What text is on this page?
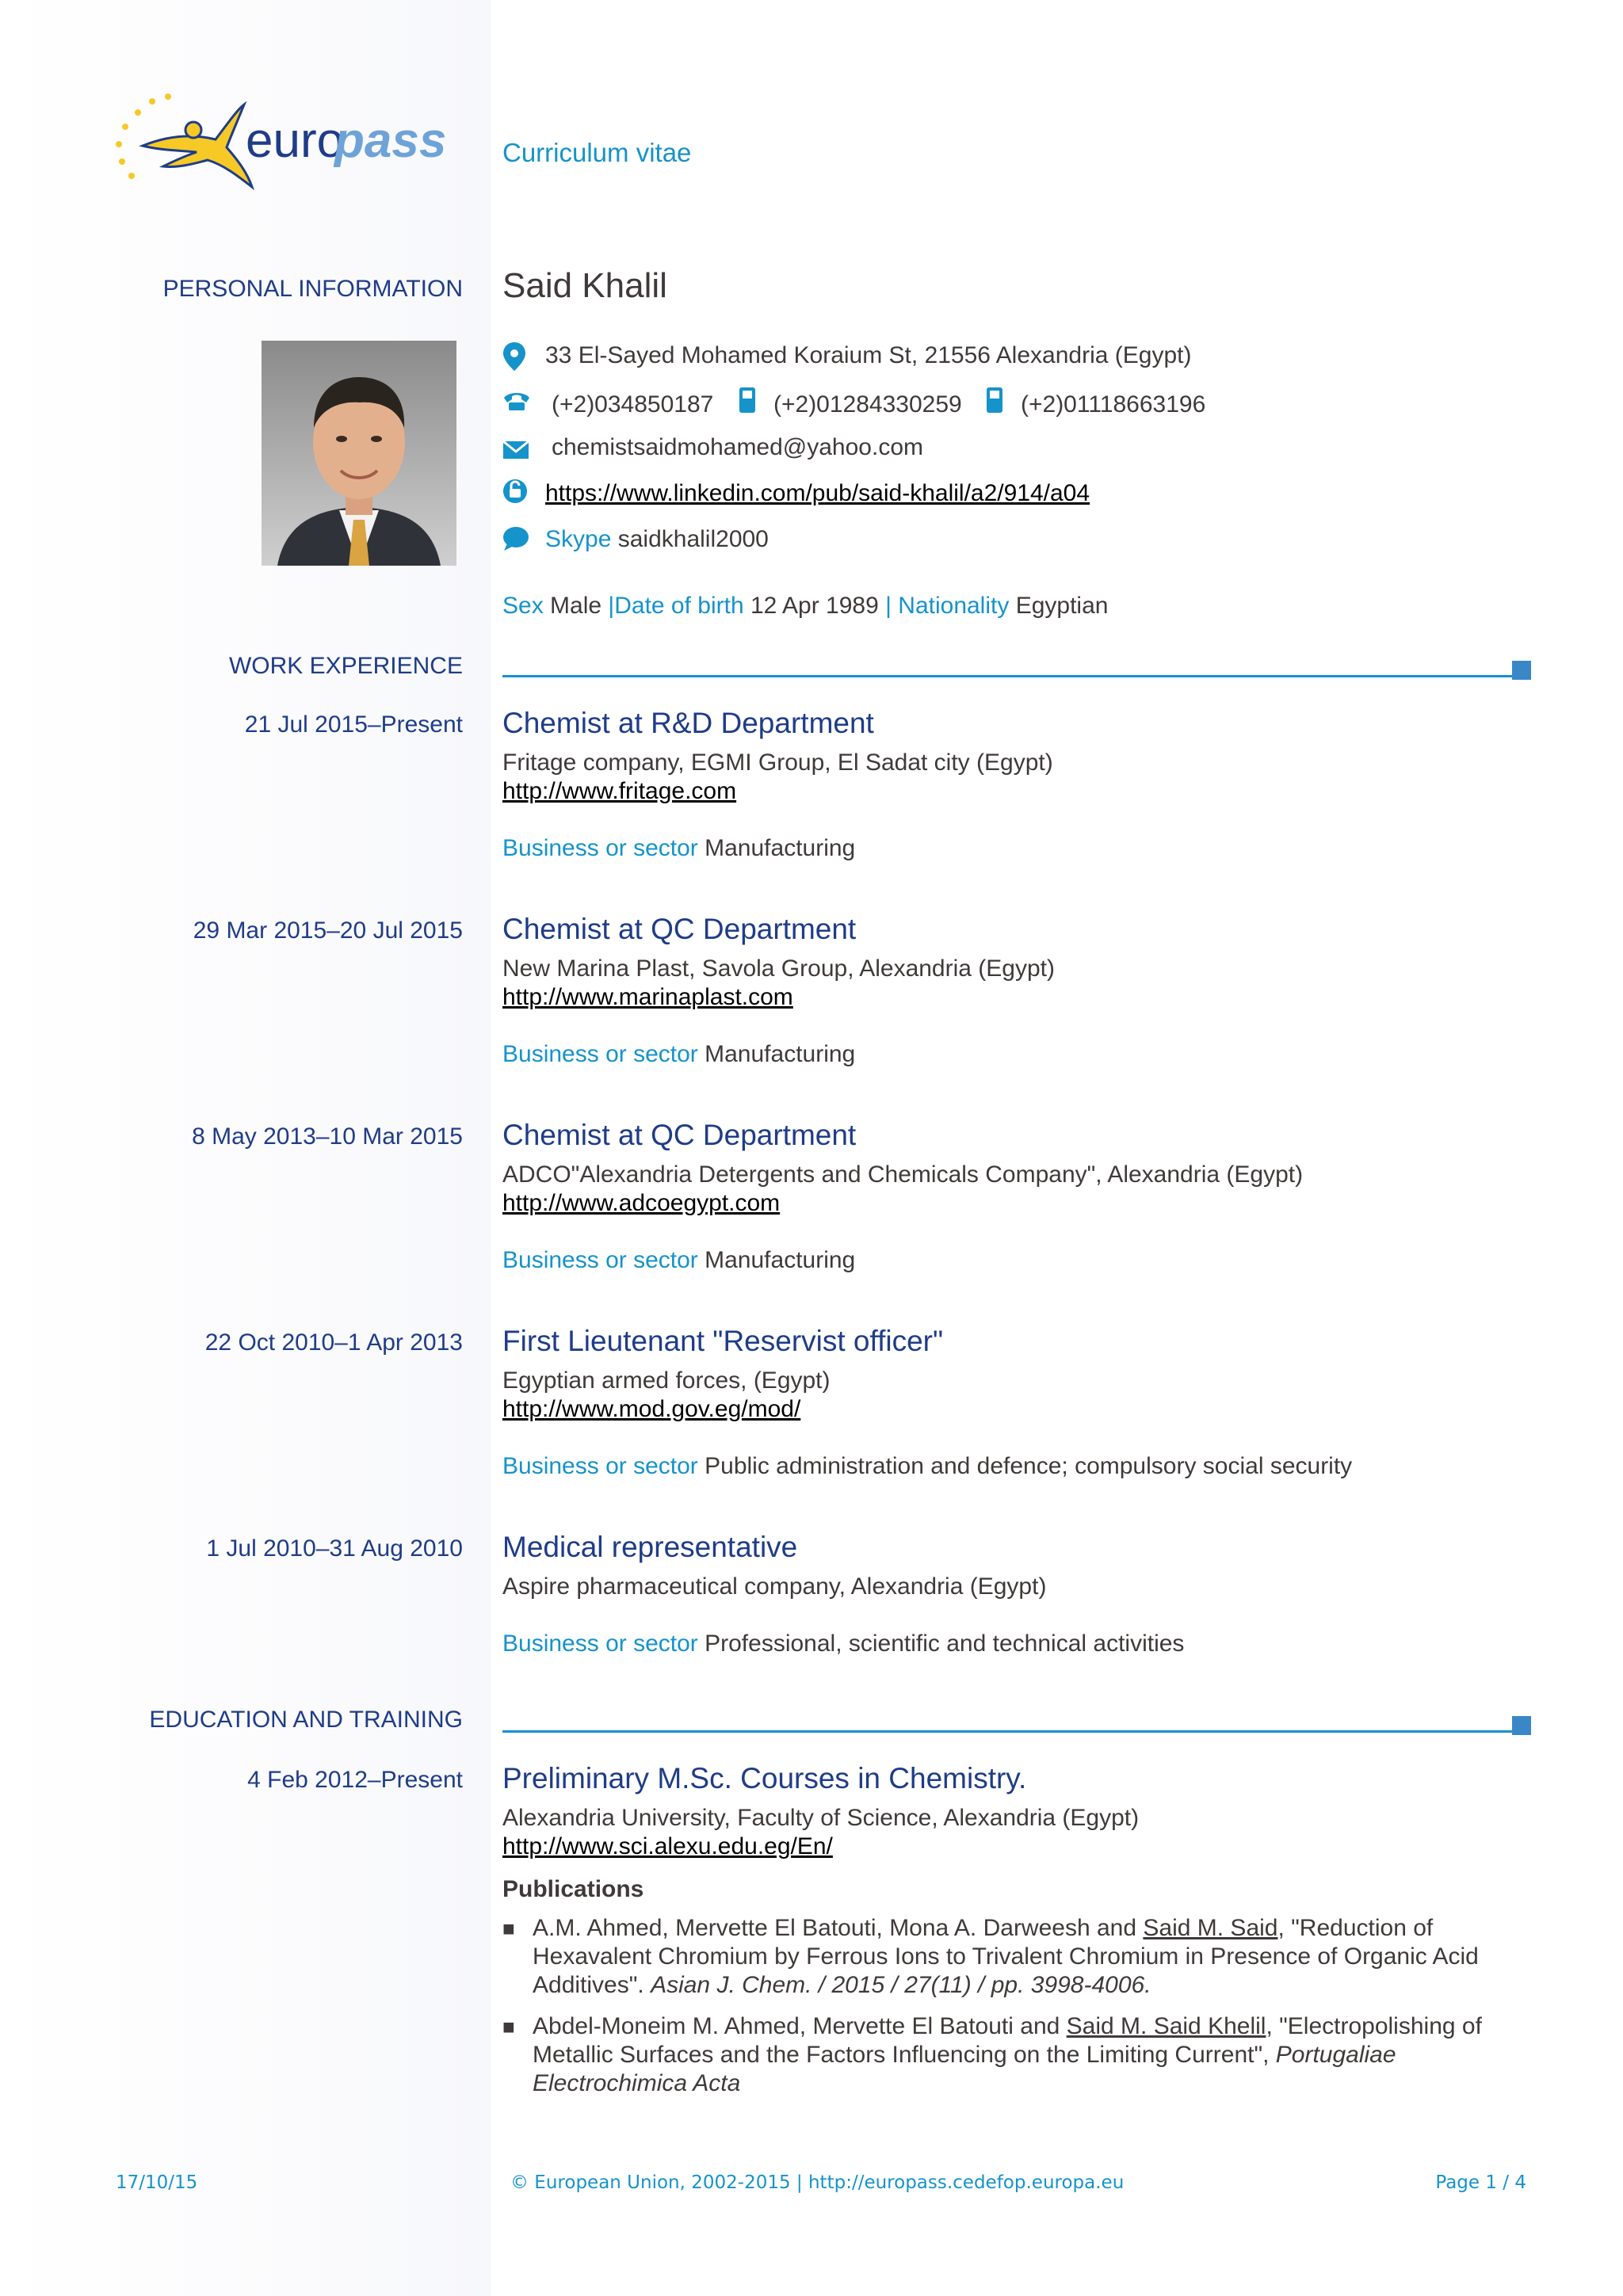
euro
pass Curriculum vitae
PERSONAL INFORMATION Said Khalil
33 El-Sayed Mohamed Koraium St, 21556 Alexandria (Egypt)
(+2)034850187	(+2)01284330259 (+2)01118663196
chemistsaidmohamed@yahoo.com
https://www.linkedin.com/pub/said-khalil/a2/914/a04
Skype saidkhalil2000
Sex Male |Date of birth 12 Apr 1989 | Nationality Egyptian
WORK EXPERIENCE
21 Jul 2015–Present Chemist at R&D Department
Fritage company, EGMI Group, El Sadat city (Egypt)
http://www.fritage.com
Business or sector Manufacturing
29 Mar 2015–20 Jul 2015 Chemist at QC Department
New Marina Plast, Savola Group, Alexandria (Egypt)
http://www.marinaplast.com
Business or sector Manufacturing
8 May 2013–10 Mar 2015 Chemist at QC Department
ADCO"Alexandria Detergents and Chemicals Company", Alexandria (Egypt)
http://www.adcoegypt.com
Business or sector Manufacturing
22 Oct 2010–1 Apr 2013 First Lieutenant "Reservist officer"
Egyptian armed forces, (Egypt)
http://www.mod.gov.eg/mod/
Business or sector Public administration and defence; compulsory social security
1 Jul 2010–31 Aug 2010 Medical representative
Aspire pharmaceutical company, Alexandria (Egypt)
Business or sector Professional, scientific and technical activities
EDUCATION AND TRAINING
4 Feb 2012–Present Preliminary M.Sc. Courses in Chemistry.
Alexandria University, Faculty of Science, Alexandria (Egypt)
http://www.sci.alexu.edu.eg/En/
Publications
■ A.M. Ahmed, Mervette El Batouti, Mona A. Darweesh and Said M. Said, "Reduction of Hexavalent Chromium by Ferrous Ions to Trivalent Chromium in Presence of Organic Acid Additives". Asian J. Chem. / 2015 / 27(11) / pp. 3998-4006.
■ Abdel-Moneim M. Ahmed, Mervette El Batouti and Said M. Said Khelil, "Electropolishing of Metallic Surfaces and the Factors Influencing on the Limiting Current", Portugaliae Electrochimica Acta
17/10/15	© European Union, 2002-2015 | http://europass.cedefop.europa.eu	Page 1 / 4
